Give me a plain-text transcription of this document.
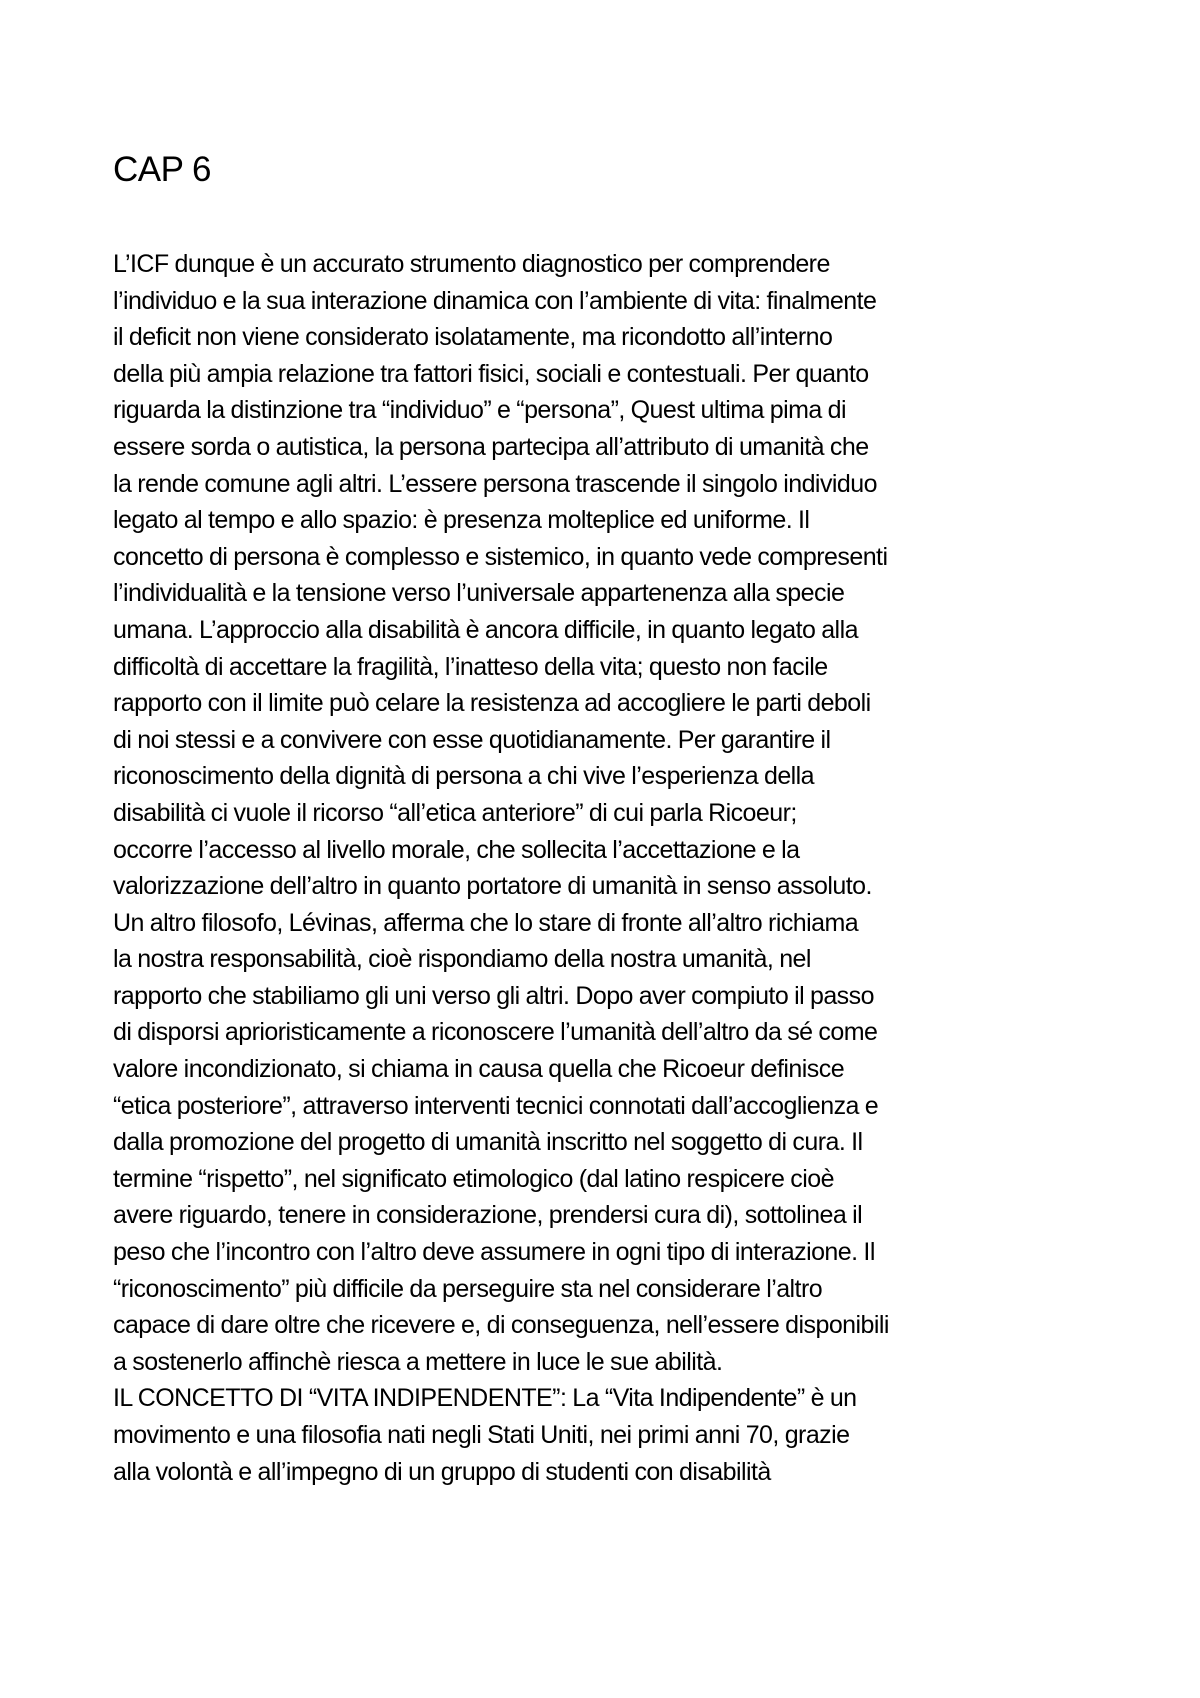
CAP 6
L’ICF dunque è un accurato strumento diagnostico per comprendere
l’individuo e la sua interazione dinamica con l’ambiente di vita: finalmente
il deficit non viene considerato isolatamente, ma ricondotto all’interno
della più ampia relazione tra fattori fisici, sociali e contestuali. Per quanto
riguarda la distinzione tra “individuo” e “persona”, Quest ultima pima di
essere sorda o autistica, la persona partecipa all’attributo di umanità che
la rende comune agli altri. L’essere persona trascende il singolo individuo
legato al tempo e allo spazio: è presenza molteplice ed uniforme. Il
concetto di persona è complesso e sistemico, in quanto vede compresenti
l’individualità e la tensione verso l’universale appartenenza alla specie
umana. L’approccio alla disabilità è ancora difficile, in quanto legato alla
difficoltà di accettare la fragilità, l’inatteso della vita; questo non facile
rapporto con il limite può celare la resistenza ad accogliere le parti deboli
di noi stessi e a convivere con esse quotidianamente. Per garantire il
riconoscimento della dignità di persona a chi vive l’esperienza della
disabilità ci vuole il ricorso “all’etica anteriore” di cui parla Ricoeur;
occorre l’accesso al livello morale, che sollecita l’accettazione e la
valorizzazione dell’altro in quanto portatore di umanità in senso assoluto.
Un altro filosofo, Lévinas, afferma che lo stare di fronte all’altro richiama
la nostra responsabilità, cioè rispondiamo della nostra umanità, nel
rapporto che stabiliamo gli uni verso gli altri. Dopo aver compiuto il passo
di disporsi aprioristicamente a riconoscere l’umanità dell’altro da sé come
valore incondizionato, si chiama in causa quella che Ricoeur definisce
“etica posteriore”, attraverso interventi tecnici connotati dall’accoglienza e
dalla promozione del progetto di umanità inscritto nel soggetto di cura. Il
termine “rispetto”, nel significato etimologico (dal latino respicere cioè
avere riguardo, tenere in considerazione, prendersi cura di), sottolinea il
peso che l’incontro con l’altro deve assumere in ogni tipo di interazione. Il
“riconoscimento” più difficile da perseguire sta nel considerare l’altro
capace di dare oltre che ricevere e, di conseguenza, nell’essere disponibili
a sostenerlo affinchè riesca a mettere in luce le sue abilità.
IL CONCETTO DI “VITA INDIPENDENTE”: La “Vita Indipendente” è un
movimento e una filosofia nati negli Stati Uniti, nei primi anni 70, grazie
alla volontà e all’impegno di un gruppo di studenti con disabilità
